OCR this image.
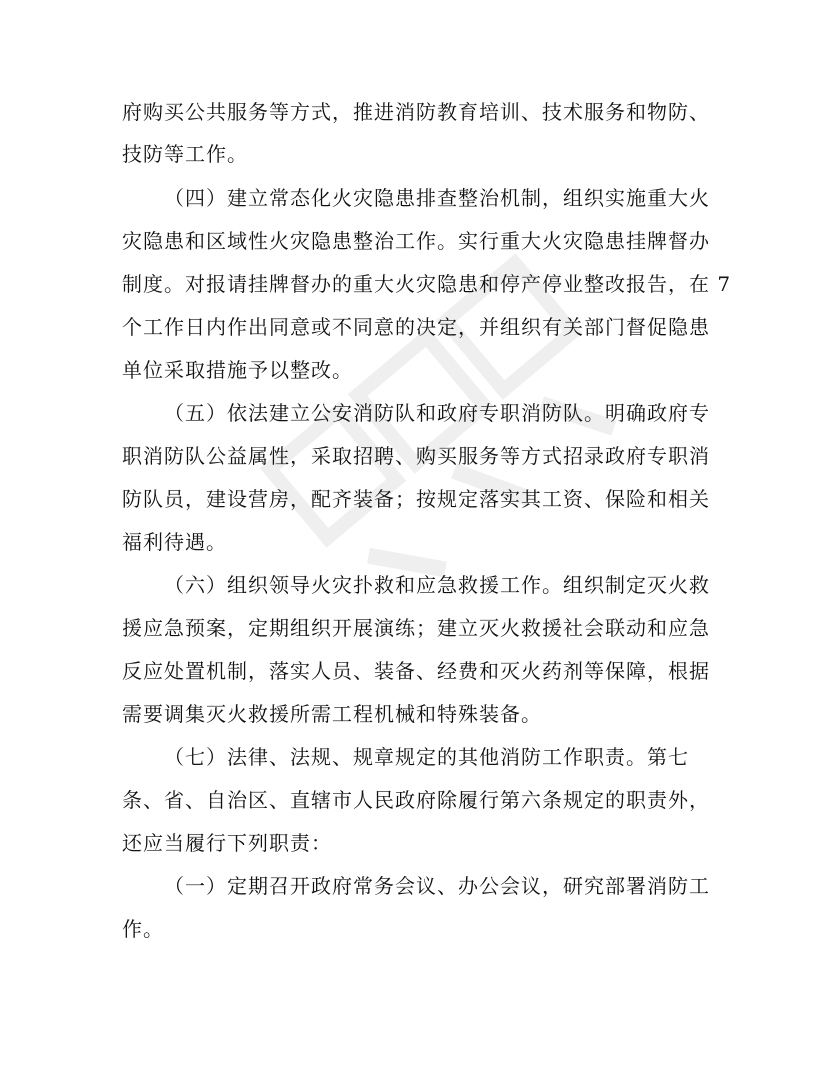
府购买公共服务等方式，推进消防教育培训、技术服务和物防、
技防等工作。
（四）建立常态化火灾隐患排查整治机制，组织实施重大火
灾隐患和区域性火灾隐患整治工作。实行重大火灾隐患挂牌督办
制度。对报请挂牌督办的重大火灾隐患和停产停业整改报告，在 7
个工作日内作出同意或不同意的决定，并组织有关部门督促隐患
单位采取措施予以整改。
（五）依法建立公安消防队和政府专职消防队。明确政府专
职消防队公益属性，采取招聘、购买服务等方式招录政府专职消
防队员，建设营房，配齐装备；按规定落实其工资、保险和相关
福利待遇。
（六）组织领导火灾扑救和应急救援工作。组织制定灭火救
援应急预案，定期组织开展演练；建立灭火救援社会联动和应急
反应处置机制，落实人员、装备、经费和灭火药剂等保障，根据
需要调集灭火救援所需工程机械和特殊装备。
（七）法律、法规、规章规定的其他消防工作职责。第七
条、省、自治区、直辖市人民政府除履行第六条规定的职责外，
还应当履行下列职责：
（一）定期召开政府常务会议、办公会议，研究部署消防工
作。
